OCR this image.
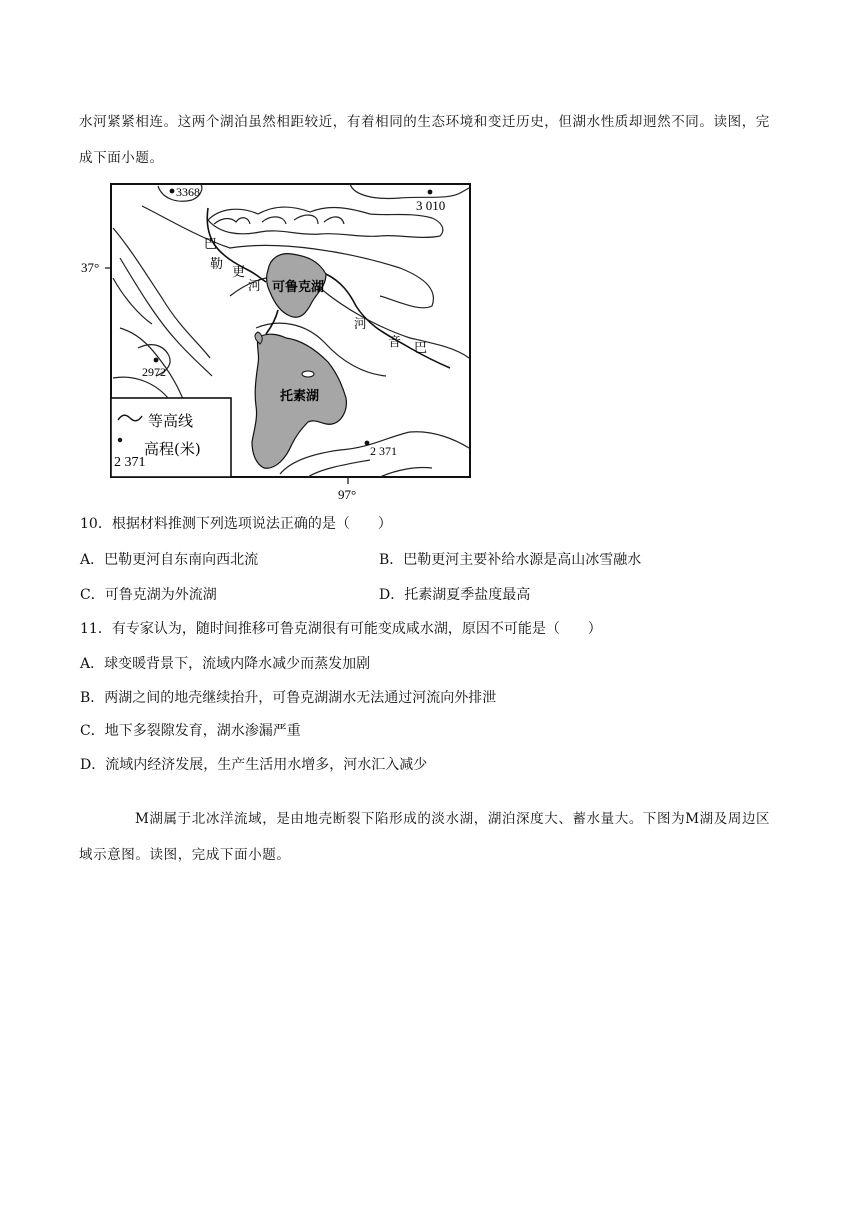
水河紧紧相连。这两个湖泊虽然相距较近，有着相同的生态环境和变迁历史，但湖水性质却迥然不同。读图，完成下面小题。

3368
3 010
2972
2 371
37°
97°
巴
勒
更
河
河
音 巴
可鲁克湖
托素湖
等高线
2 371
高程(米)

10．根据材料推测下列选项说法正确的是（　　）

A．巴勒更河自东南向西北流	B．巴勒更河主要补给水源是高山冰雪融水

C．可鲁克湖为外流湖	D．托素湖夏季盐度最高

11．有专家认为，随时间推移可鲁克湖很有可能变成咸水湖，原因不可能是（　　）

A．球变暖背景下，流域内降水减少而蒸发加剧

B．两湖之间的地壳继续抬升，可鲁克湖湖水无法通过河流向外排泄

C．地下多裂隙发育，湖水渗漏严重

D．流域内经济发展，生产生活用水增多，河水汇入减少

M湖属于北冰洋流域，是由地壳断裂下陷形成的淡水湖，湖泊深度大、蓄水量大。下图为M湖及周边区域示意图。读图，完成下面小题。
